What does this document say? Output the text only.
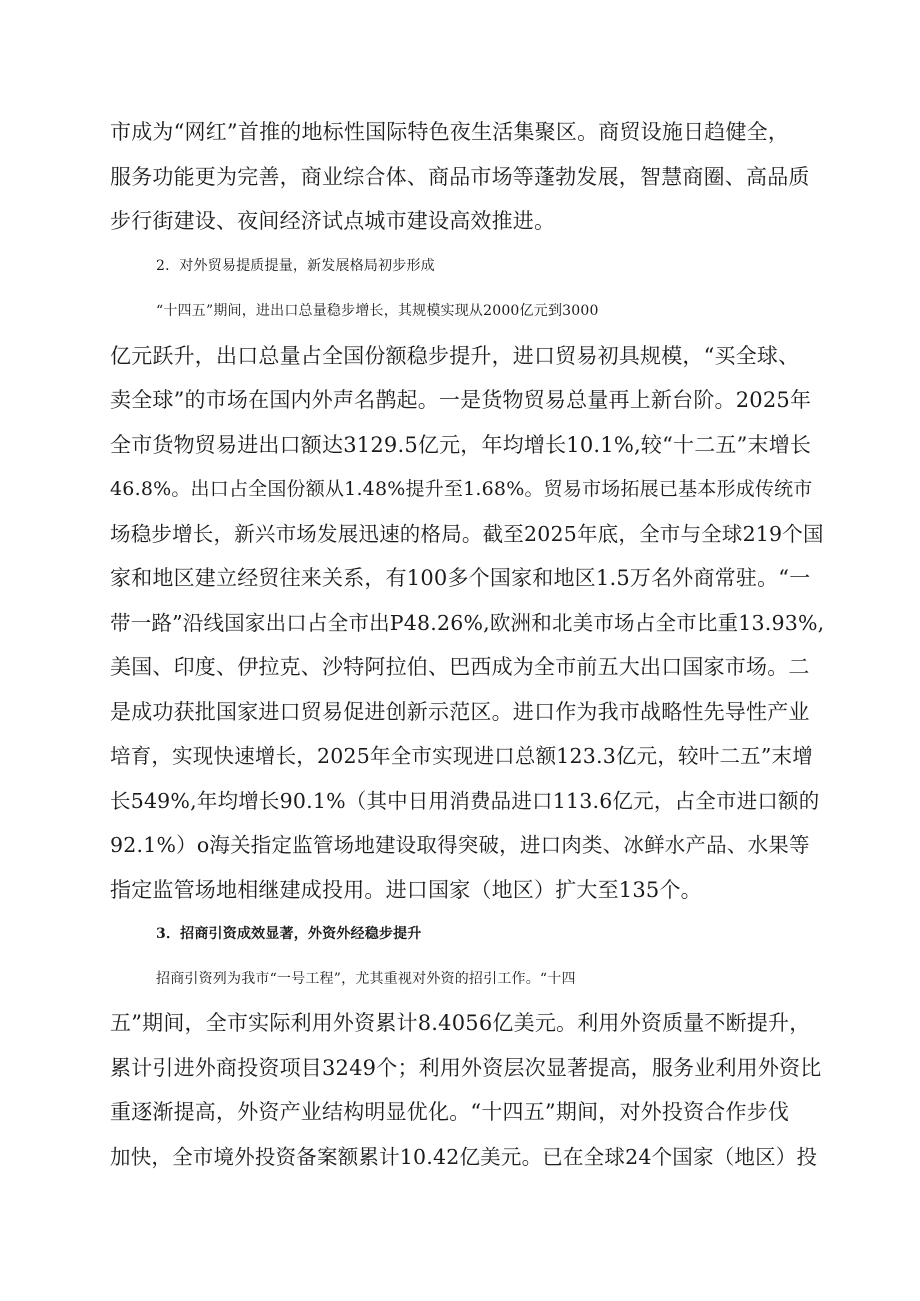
市成为“网红”首推的地标性国际特色夜生活集聚区。商贸设施日趋健全，
服务功能更为完善，商业综合体、商品市场等蓬勃发展，智慧商圈、高品质
步行街建设、夜间经济试点城市建设高效推进。
2．对外贸易提质提量，新发展格局初步形成
“十四五”期间，进出口总量稳步增长，其规模实现从2000亿元到3000
亿元跃升，出口总量占全国份额稳步提升，进口贸易初具规模，“买全球、
卖全球”的市场在国内外声名鹊起。一是货物贸易总量再上新台阶。2025年
全市货物贸易进出口额达3129.5亿元，年均增长10.1%,较“十二五”末增长
46.8%。出口占全国份额从1.48%提升至1.68%。贸易市场拓展已基本形成传统市
场稳步增长，新兴市场发展迅速的格局。截至2025年底，全市与全球219个国
家和地区建立经贸往来关系，有100多个国家和地区1.5万名外商常驻。“一
带一路”沿线国家出口占全市出P48.26%,欧洲和北美市场占全市比重13.93%,
美国、印度、伊拉克、沙特阿拉伯、巴西成为全市前五大出口国家市场。二
是成功获批国家进口贸易促进创新示范区。进口作为我市战略性先导性产业
培育，实现快速增长，2025年全市实现进口总额123.3亿元，较叶二五”末增
长549%,年均增长90.1%（其中日用消费品进口113.6亿元，占全市进口额的
92.1%）o海关指定监管场地建设取得突破，进口肉类、冰鲜水产品、水果等
指定监管场地相继建成投用。进口国家（地区）扩大至135个。
3．招商引资成效显著，外资外经稳步提升
招商引资列为我市“一号工程”，尤其重视对外资的招引工作。“十四
五”期间，全市实际利用外资累计8.4056亿美元。利用外资质量不断提升，
累计引进外商投资项目3249个；利用外资层次显著提高，服务业利用外资比
重逐渐提高，外资产业结构明显优化。“十四五”期间，对外投资合作步伐
加快，全市境外投资备案额累计10.42亿美元。已在全球24个国家（地区）投
